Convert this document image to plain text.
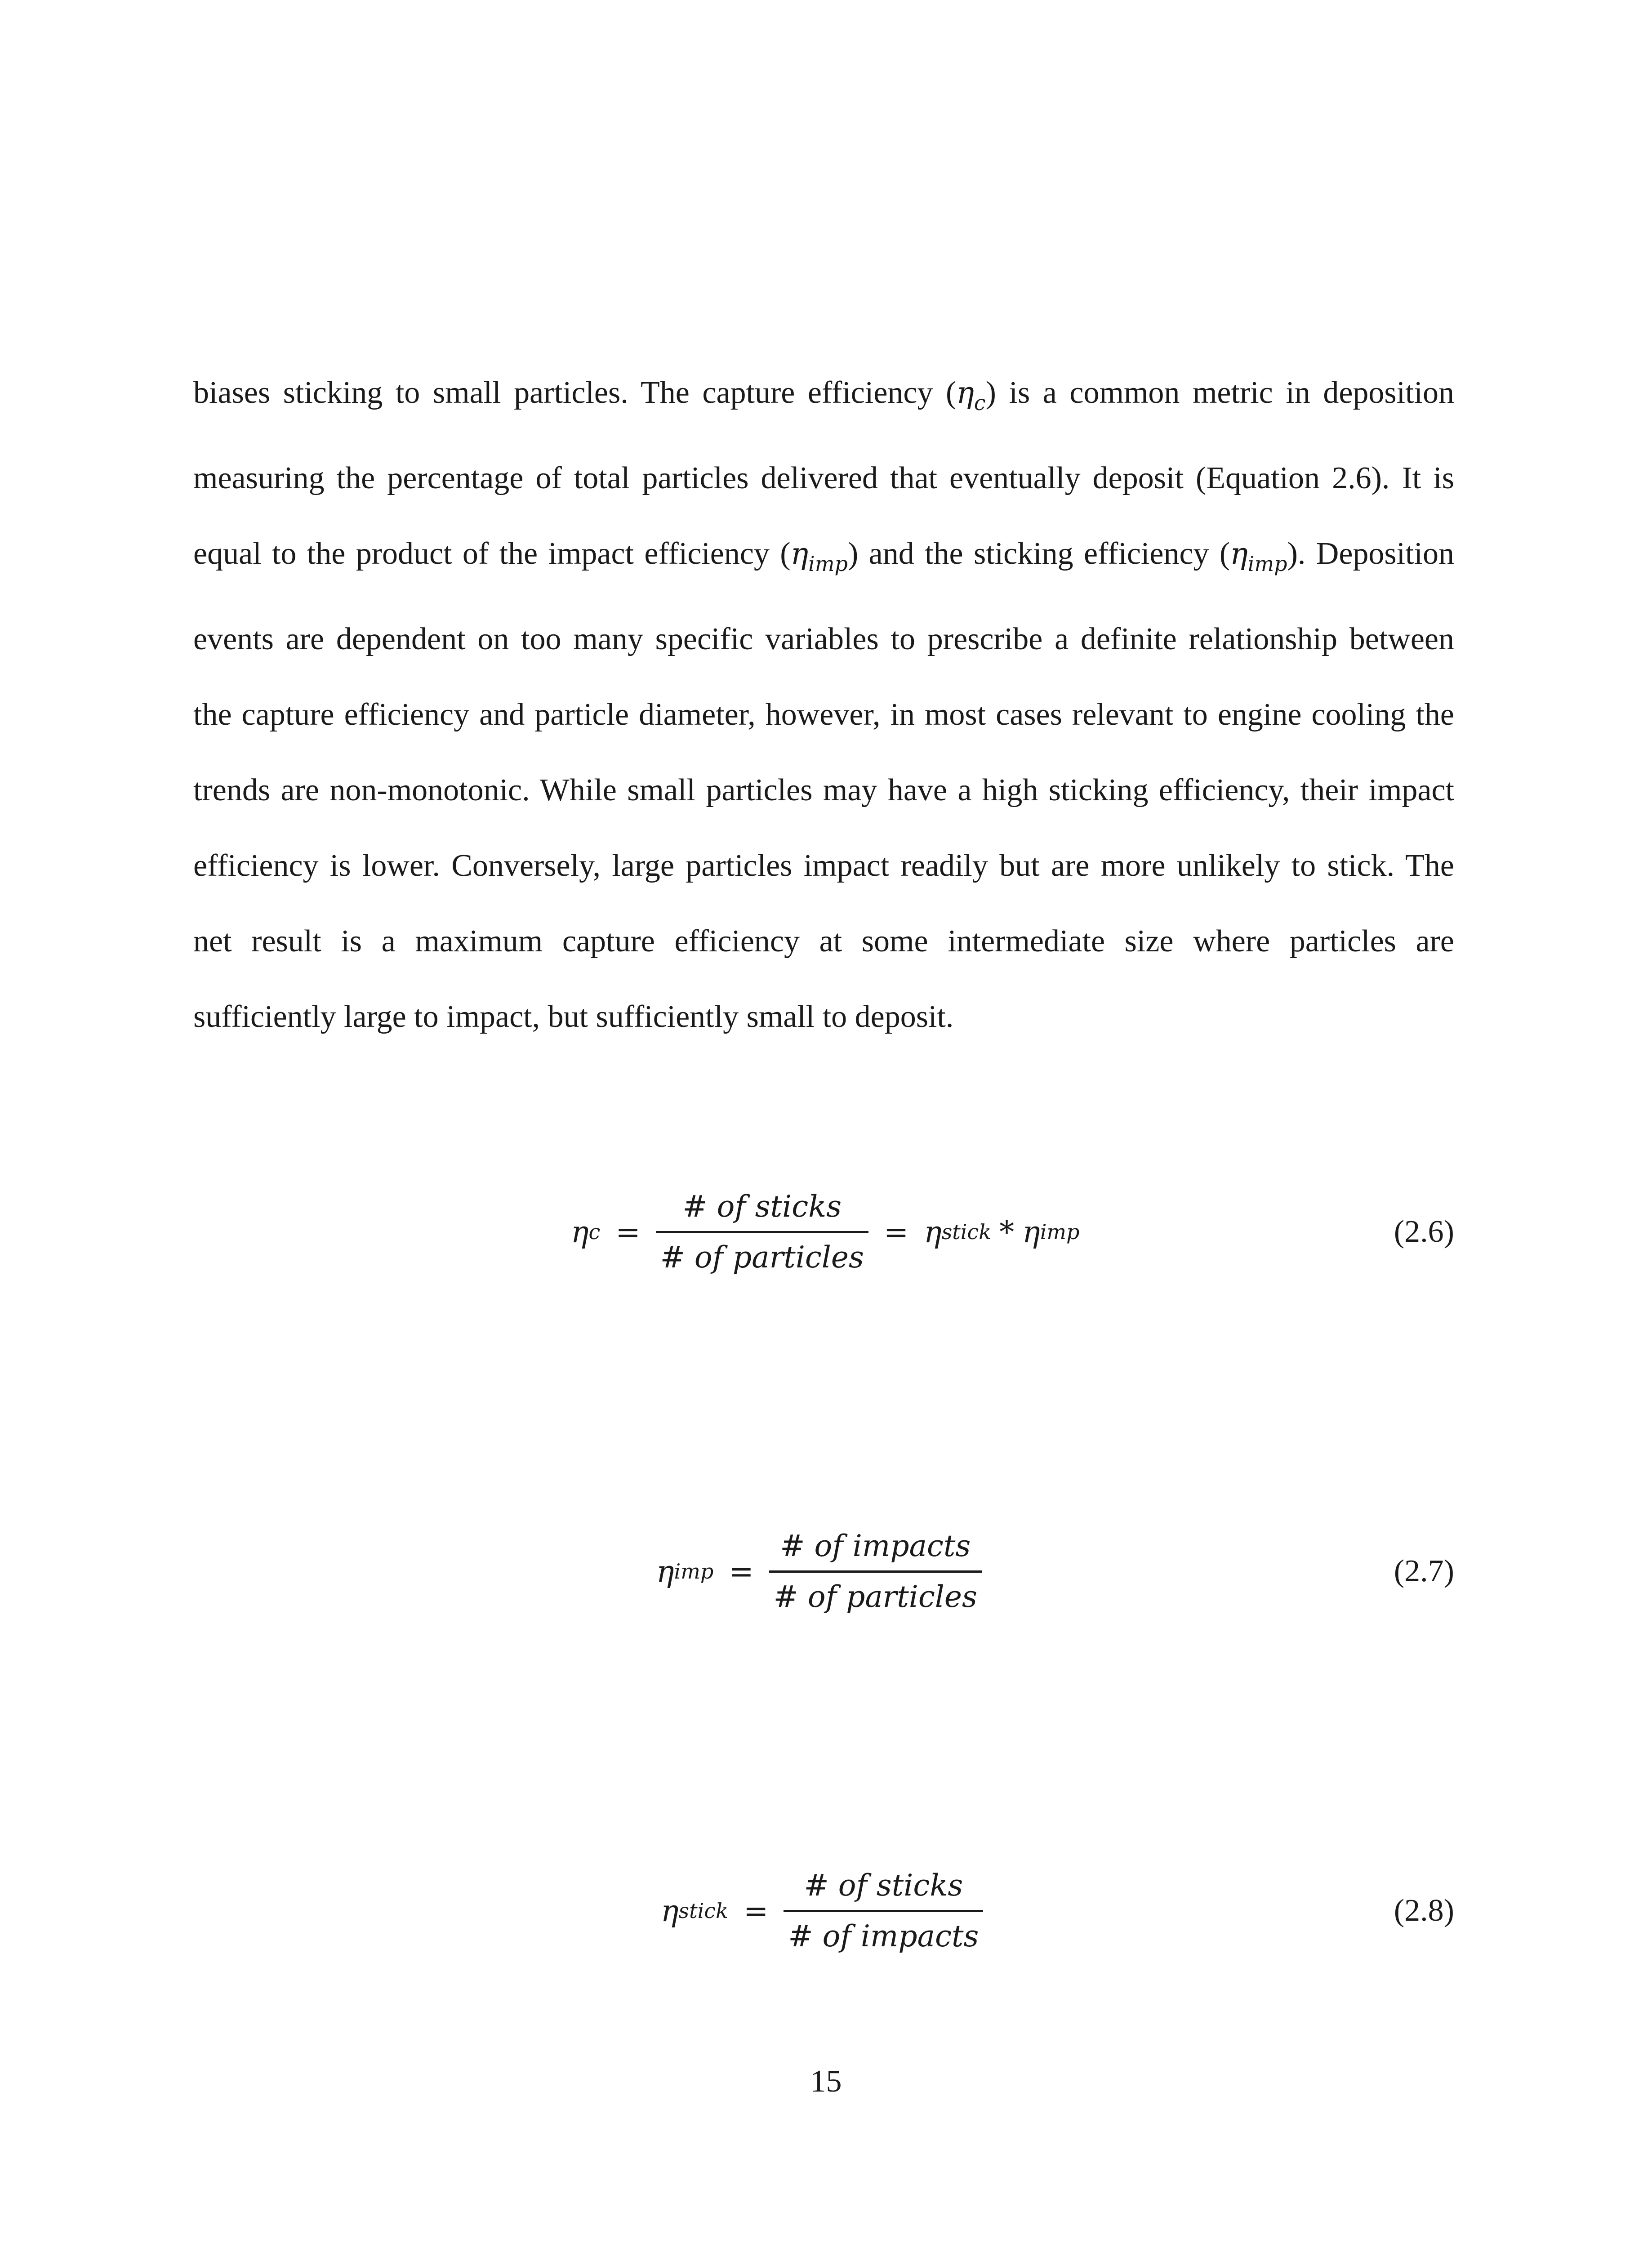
biases sticking to small particles. The capture efficiency $(\eta_c)$ is a common metric in deposition
measuring the percentage of total particles delivered that eventually deposit (Equation 2.6). It is
equal to the product of the impact efficiency $(\eta_{imp})$ and the sticking efficiency $(\eta_{imp})$. Deposition
events are dependent on too many specific variables to prescribe a definite relationship between
the capture efficiency and particle diameter, however, in most cases relevant to engine cooling the
trends are non-monotonic. While small particles may have a high sticking efficiency, their impact
efficiency is lower. Conversely, large particles impact readily but are more unlikely to stick. The
net result is a maximum capture efficiency at some intermediate size where particles are
sufficiently large to impact, but sufficiently small to deposit.
η c =
# of sticks
# of particles
= η stick * η imp	(2.6)
η imp =
# of impacts
# of particles
(2.7)
η stick =
# of sticks
# of impacts
(2.8)
15
